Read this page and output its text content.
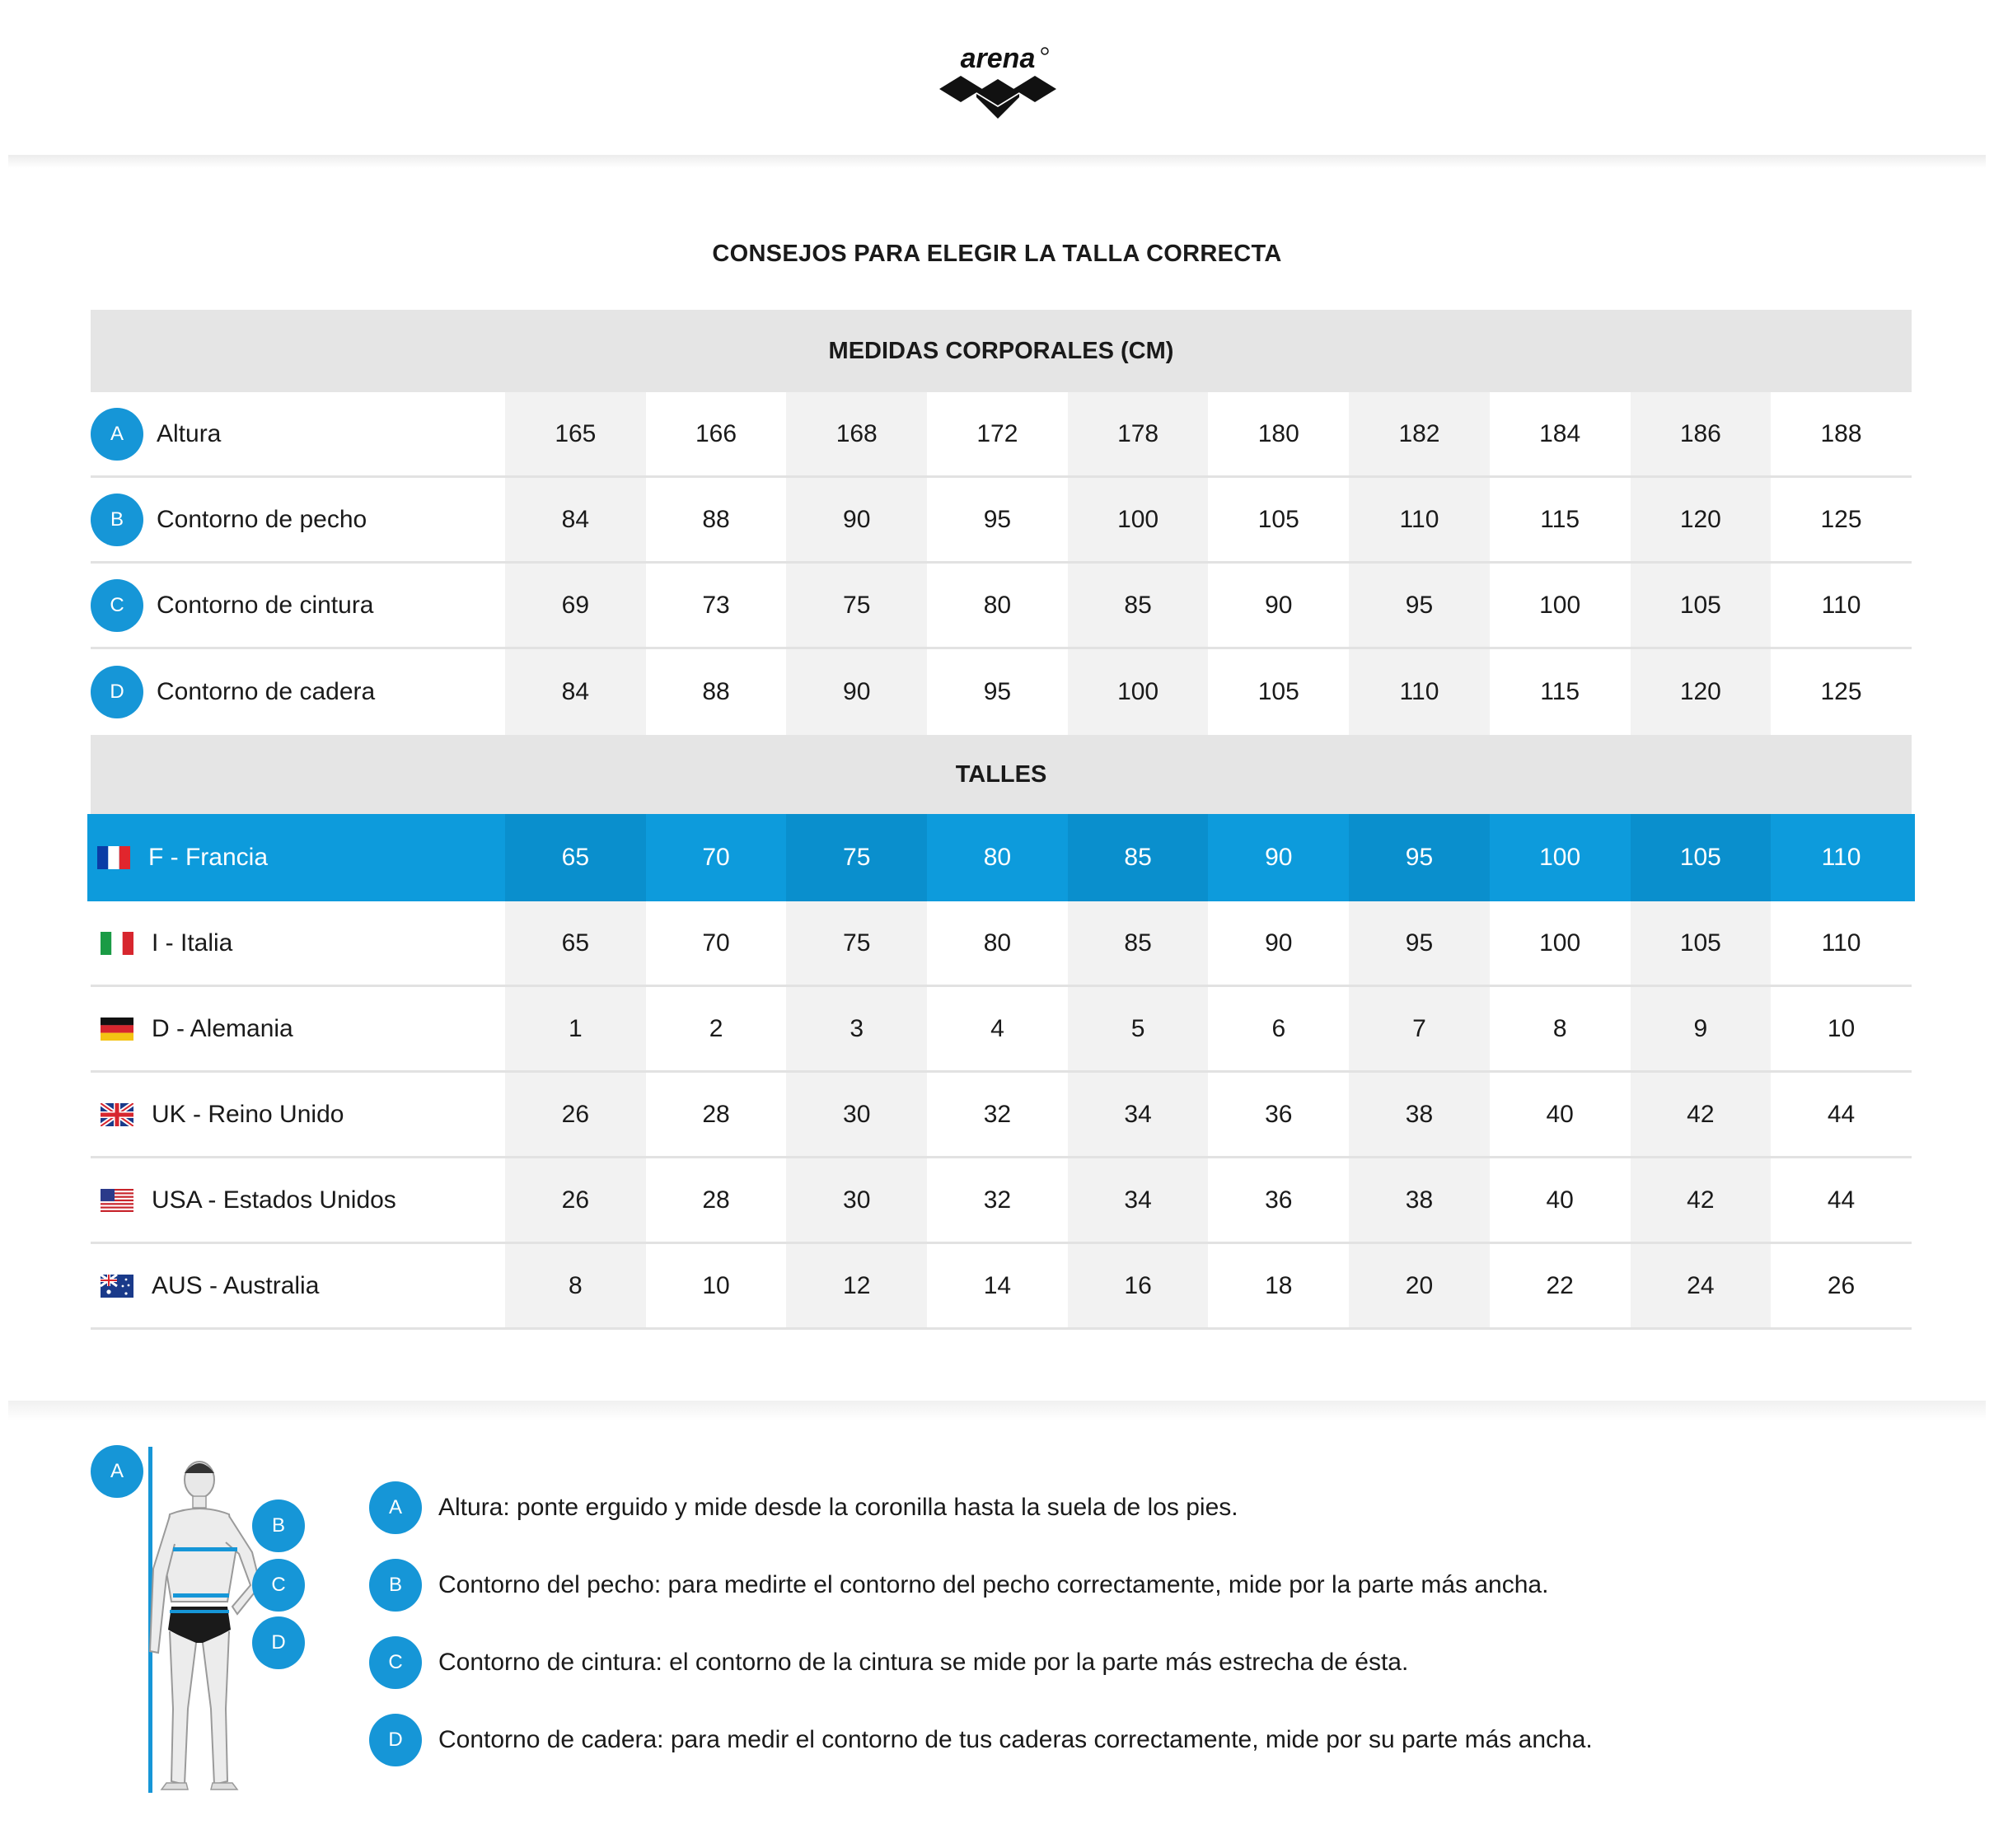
arena
CONSEJOS PARA ELEGIR LA TALLA CORRECTA
MEDIDAS CORPORALES (CM)
A	Altura	165	166	168	172	178	180	182	184	186	188
B	Contorno de pecho	84	88	90	95	100	105	110	115	120	125
C	Contorno de cintura	69	73	75	80	85	90	95	100	105	110
D	Contorno de cadera	84	88	90	95	100	105	110	115	120	125
TALLES
F - Francia	65	70	75	80	85	90	95	100	105	110
I - Italia	65	70	75	80	85	90	95	100	105	110
D - Alemania	1	2	3	4	5	6	7	8	9	10
UK - Reino Unido	26	28	30	32	34	36	38	40	42	44
USA - Estados Unidos	26	28	30	32	34	36	38	40	42	44
AUS - Australia	8	10	12	14	16	18	20	22	24	26
A
B
C
D
A	Altura: ponte erguido y mide desde la coronilla hasta la suela de los pies.
B	Contorno del pecho: para medirte el contorno del pecho correctamente, mide por la parte más ancha.
C	Contorno de cintura: el contorno de la cintura se mide por la parte más estrecha de ésta.
D	Contorno de cadera: para medir el contorno de tus caderas correctamente, mide por su parte más ancha.
